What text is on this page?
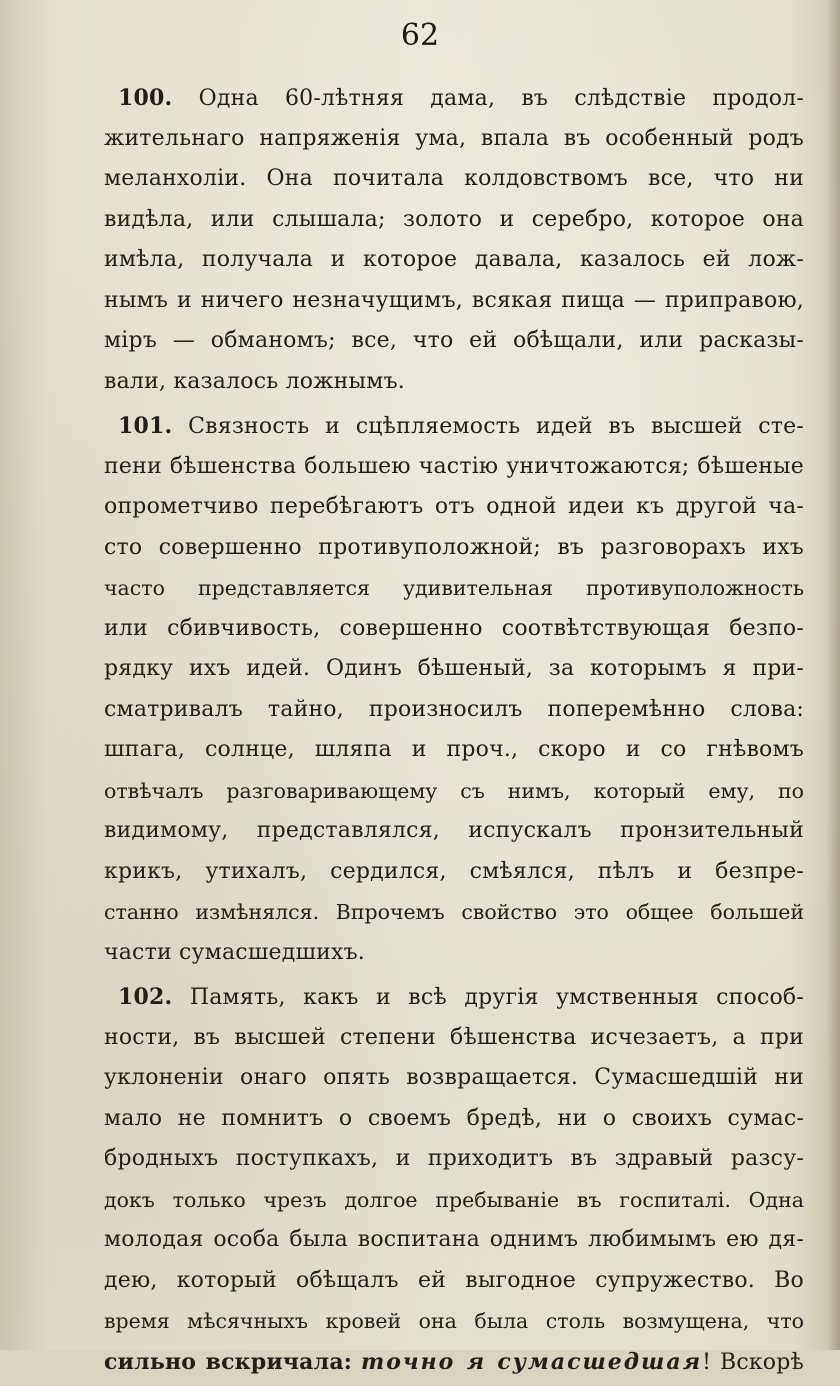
62
100. Одна 60-лѣтняя дама, въ слѣдствіе продол-
жительнаго напряженія ума, впала въ особенный родъ
меланхоліи. Она почитала колдовствомъ все, что ни
видѣла, или слышала; золото и серебро, которое она
имѣла, получала и которое давала, казалось ей лож-
нымъ и ничего незначущимъ, всякая пища — приправою,
міръ — обманомъ; все, что ей обѣщали, или расказы-
вали, казалось ложнымъ.
101. Связность и сцѣпляемость идей въ высшей сте-
пени бѣшенства большею частію уничтожаются; бѣшеные
опрометчиво перебѣгаютъ отъ одной идеи къ другой ча-
сто совершенно противуположной; въ разговорахъ ихъ
часто представляется удивительная противуположность
или сбивчивость, совершенно соотвѣтствующая безпо-
рядку ихъ идей. Одинъ бѣшеный, за которымъ я при-
сматривалъ тайно, произносилъ поперемѣнно слова:
шпага, солнце, шляпа и проч., скоро и со гнѣвомъ
отвѣчалъ разговаривающему съ нимъ, который ему, по
видимому, представлялся, испускалъ пронзительный
крикъ, утихалъ, сердился, смѣялся, пѣлъ и безпре-
станно измѣнялся. Впрочемъ свойство это общее большей
части сумасшедшихъ.
102. Память, какъ и всѣ другія умственныя способ-
ности, въ высшей степени бѣшенства исчезаетъ, а при
уклоненіи онаго опять возвращается. Сумасшедшій ни
мало не помнитъ о своемъ бредѣ, ни о своихъ сумас-
бродныхъ поступкахъ, и приходитъ въ здравый разсу-
докъ только чрезъ долгое пребываніе въ госпиталі. Одна
молодая особа была воспитана однимъ любимымъ ею дя-
дею, который обѣщалъ ей выгодное супружество. Во
время мѣсячныхъ кровей она была столь возмущена, что
сильно вскричала: точно я сумасшедшая! Вскорѣ
